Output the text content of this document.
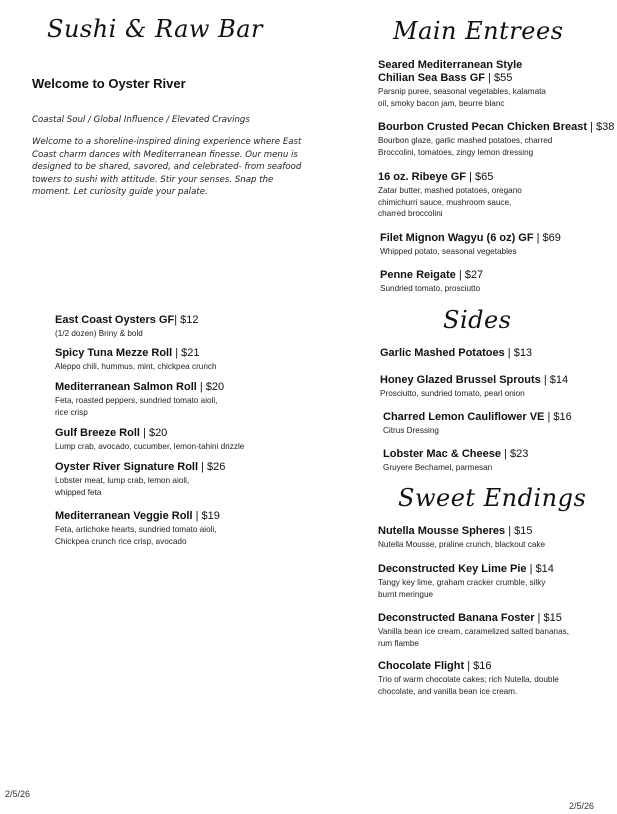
Sushi & Raw Bar
Welcome to Oyster River
Coastal Soul / Global Influence / Elevated Cravings
Welcome to a shoreline-inspired dining experience where East Coast charm dances with Mediterranean finesse. Our menu is designed to be shared, savored, and celebrated- from seafood towers to sushi with attitude. Stir your senses. Snap the moment. Let curiosity guide your palate.
East Coast Oysters GF| $12
(1/2 dozen) Briny & bold
Spicy Tuna Mezze Roll | $21
Aleppo chili, hummus, mint, chickpea crunch
Mediterranean Salmon Roll | $20
Feta, roasted peppers, sundried tomato aioli,
rice crisp
Gulf Breeze Roll | $20
Lump crab, avocado, cucumber, lemon-tahini drizzle
Oyster River Signature Roll | $26
Lobster meat, lump crab, lemon aioli,
whipped feta
Mediterranean Veggie Roll | $19
Feta, artichoke hearts, sundried tomato aioli,
Chickpea crunch rice crisp, avocado
Main Entrees
Seared Mediterranean Style
Chilian Sea Bass GF | $55
Parsnip puree, seasonal vegetables, kalamata
oil, smoky bacon jam, beurre blanc
Bourbon Crusted Pecan Chicken Breast | $38
Bourbon glaze, garlic mashed potatoes, charred
Broccolini, tomatoes, zingy lemon dressing
16 oz. Ribeye GF | $65
Zatar butter, mashed potatoes, oregano
chimichurri sauce, mushroom sauce,
charred broccolini
Filet Mignon Wagyu (6 oz) GF | $69
Whipped potato, seasonal vegetables
Penne Reigate | $27
Sundried tomato, prosciutto
Sides
Garlic Mashed Potatoes | $13
Honey Glazed Brussel Sprouts | $14
Prosciutto, sundried tomato, pearl onion
Charred Lemon Cauliflower VE | $16
Citrus Dressing
Lobster Mac & Cheese | $23
Gruyere Bechamel, parmesan
Sweet Endings
Nutella Mousse Spheres | $15
Nutella Mousse, praline crunch, blackout cake
Deconstructed Key Lime Pie | $14
Tangy key lime, graham cracker crumble, silky
burnt meringue
Deconstructed Banana Foster | $15
Vanilla bean ice cream, caramelized salted bananas,
rum flambe
Chocolate Flight | $16
Trio of warm chocolate cakes; rich Nutella, double
chocolate, and vanilla bean ice cream.
2/5/26
2/5/26
